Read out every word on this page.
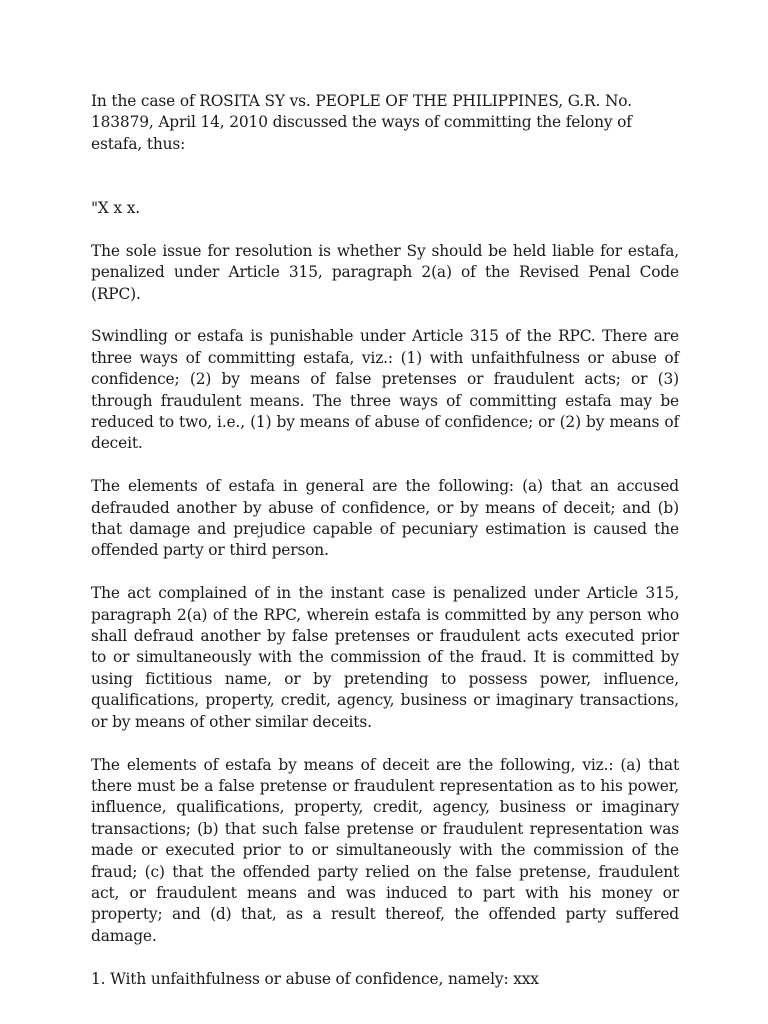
In the case of ROSITA SY vs. PEOPLE OF THE PHILIPPINES, G.R. No. 183879, April 14, 2010 discussed the ways of committing the felony of estafa, thus:

"X x x.

The sole issue for resolution is whether Sy should be held liable for estafa, penalized under Article 315, paragraph 2(a) of the Revised Penal Code (RPC).

Swindling or estafa is punishable under Article 315 of the RPC. There are three ways of committing estafa, viz.: (1) with unfaithfulness or abuse of confidence; (2) by means of false pretenses or fraudulent acts; or (3) through fraudulent means. The three ways of committing estafa may be reduced to two, i.e., (1) by means of abuse of confidence; or (2) by means of deceit.

The elements of estafa in general are the following: (a) that an accused defrauded another by abuse of confidence, or by means of deceit; and (b) that damage and prejudice capable of pecuniary estimation is caused the offended party or third person.

The act complained of in the instant case is penalized under Article 315, paragraph 2(a) of the RPC, wherein estafa is committed by any person who shall defraud another by false pretenses or fraudulent acts executed prior to or simultaneously with the commission of the fraud. It is committed by using fictitious name, or by pretending to possess power, influence, qualifications, property, credit, agency, business or imaginary transactions, or by means of other similar deceits.

The elements of estafa by means of deceit are the following, viz.: (a) that there must be a false pretense or fraudulent representation as to his power, influence, qualifications, property, credit, agency, business or imaginary transactions; (b) that such false pretense or fraudulent representation was made or executed prior to or simultaneously with the commission of the fraud; (c) that the offended party relied on the false pretense, fraudulent act, or fraudulent means and was induced to part with his money or property; and (d) that, as a result thereof, the offended party suffered damage.

1. With unfaithfulness or abuse of confidence, namely: xxx
